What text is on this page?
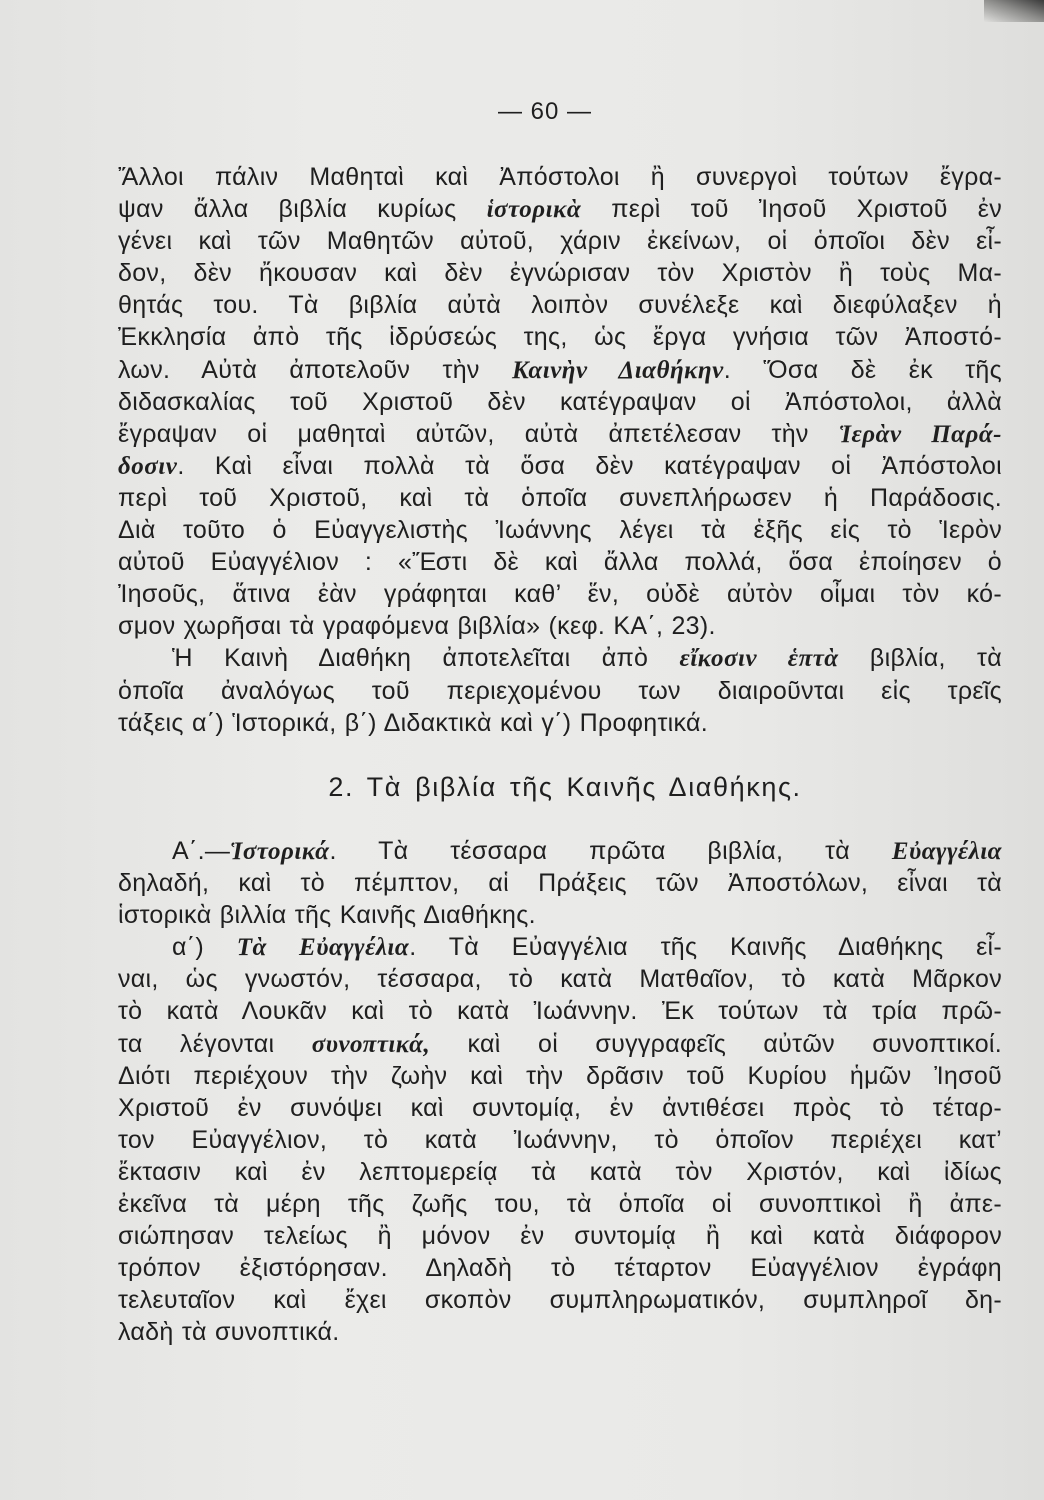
— 60 —
Ἄλλοι πάλιν Μαθηταὶ καὶ Ἀπόστολοι ἢ συνεργοὶ τούτων ἔγρα-
ψαν ἄλλα βιβλία κυρίως ἱστορικὰ περὶ τοῦ Ἰησοῦ Χριστοῦ ἐν
γένει καὶ τῶν Μαθητῶν αὐτοῦ, χάριν ἐκείνων, οἱ ὁποῖοι δὲν εἶ-
δον, δὲν ἤκουσαν καὶ δὲν ἐγνώρισαν τὸν Χριστὸν ἢ τοὺς Μα-
θητάς του. Τὰ βιβλία αὐτὰ λοιπὸν συνέλεξε καὶ διεφύλαξεν ἡ
Ἐκκλησία ἀπὸ τῆς ἱδρύσεώς της, ὡς ἔργα γνήσια τῶν Ἀποστό-
λων. Αὐτὰ ἀποτελοῦν τὴν Καινὴν Διαθήκην. Ὅσα δὲ ἐκ τῆς
διδασκαλίας τοῦ Χριστοῦ δὲν κατέγραψαν οἱ Ἀπόστολοι, ἀλλὰ
ἔγραψαν οἱ μαθηταὶ αὐτῶν, αὐτὰ ἀπετέλεσαν τὴν Ἱερὰν Παρά-
δοσιν. Καὶ εἶναι πολλὰ τὰ ὅσα δὲν κατέγραψαν οἱ Ἀπόστολοι
περὶ τοῦ Χριστοῦ, καὶ τὰ ὁποῖα συνεπλήρωσεν ἡ Παράδοσις.
Διὰ τοῦτο ὁ Εὐαγγελιστὴς Ἰωάννης λέγει τὰ ἑξῆς εἰς τὸ Ἱερὸν
αὐτοῦ Εὐαγγέλιον : «Ἔστι δὲ καὶ ἄλλα πολλά, ὅσα ἐποίησεν ὁ
Ἰησοῦς, ἅτινα ἐὰν γράφηται καθ’ ἕν, οὐδὲ αὐτὸν οἶμαι τὸν κό-
σμον χωρῆσαι τὰ γραφόμενα βιβλία» (κεφ. ΚΑ΄, 23).
Ἡ Καινὴ Διαθήκη ἀποτελεῖται ἀπὸ εἴκοσιν ἑπτὰ βιβλία, τὰ
ὁποῖα ἀναλόγως τοῦ περιεχομένου των διαιροῦνται εἰς τρεῖς
τάξεις α΄) Ἱστορικά, β΄) Διδακτικὰ καὶ γ΄) Προφητικά.
2. Τὰ βιβλία τῆς Καινῆς Διαθήκης.
Α΄.—Ἱστορικά. Τὰ τέσσαρα πρῶτα βιβλία, τὰ Εὐαγγέλια
δηλαδή, καὶ τὸ πέμπτον, αἱ Πράξεις τῶν Ἀποστόλων, εἶναι τὰ
ἱστορικὰ βιλλία τῆς Καινῆς Διαθήκης.
α΄) Τὰ Εὐαγγέλια. Τὰ Εὐαγγέλια τῆς Καινῆς Διαθήκης εἶ-
ναι, ὡς γνωστόν, τέσσαρα, τὸ κατὰ Ματθαῖον, τὸ κατὰ Μᾶρκον
τὸ κατὰ Λουκᾶν καὶ τὸ κατὰ Ἰωάννην. Ἐκ τούτων τὰ τρία πρῶ-
τα λέγονται συνοπτικά, καὶ οἱ συγγραφεῖς αὐτῶν συνοπτικοί.
Διότι περιέχουν τὴν ζωὴν καὶ τὴν δρᾶσιν τοῦ Κυρίου ἡμῶν Ἰησοῦ
Χριστοῦ ἐν συνόψει καὶ συντομίᾳ, ἐν ἀντιθέσει πρὸς τὸ τέταρ-
τον Εὐαγγέλιον, τὸ κατὰ Ἰωάννην, τὸ ὁποῖον περιέχει κατ’
ἔκτασιν καὶ ἐν λεπτομερείᾳ τὰ κατὰ τὸν Χριστόν, καὶ ἰδίως
ἐκεῖνα τὰ μέρη τῆς ζωῆς του, τὰ ὁποῖα οἱ συνοπτικοὶ ἢ ἀπε-
σιώπησαν τελείως ἢ μόνον ἐν συντομίᾳ ἢ καὶ κατὰ διάφορον
τρόπον ἐξιστόρησαν. Δηλαδὴ τὸ τέταρτον Εὐαγγέλιον ἐγράφη
τελευταῖον καὶ ἔχει σκοπὸν συμπληρωματικόν, συμπληροῖ δη-
λαδὴ τὰ συνοπτικά.
